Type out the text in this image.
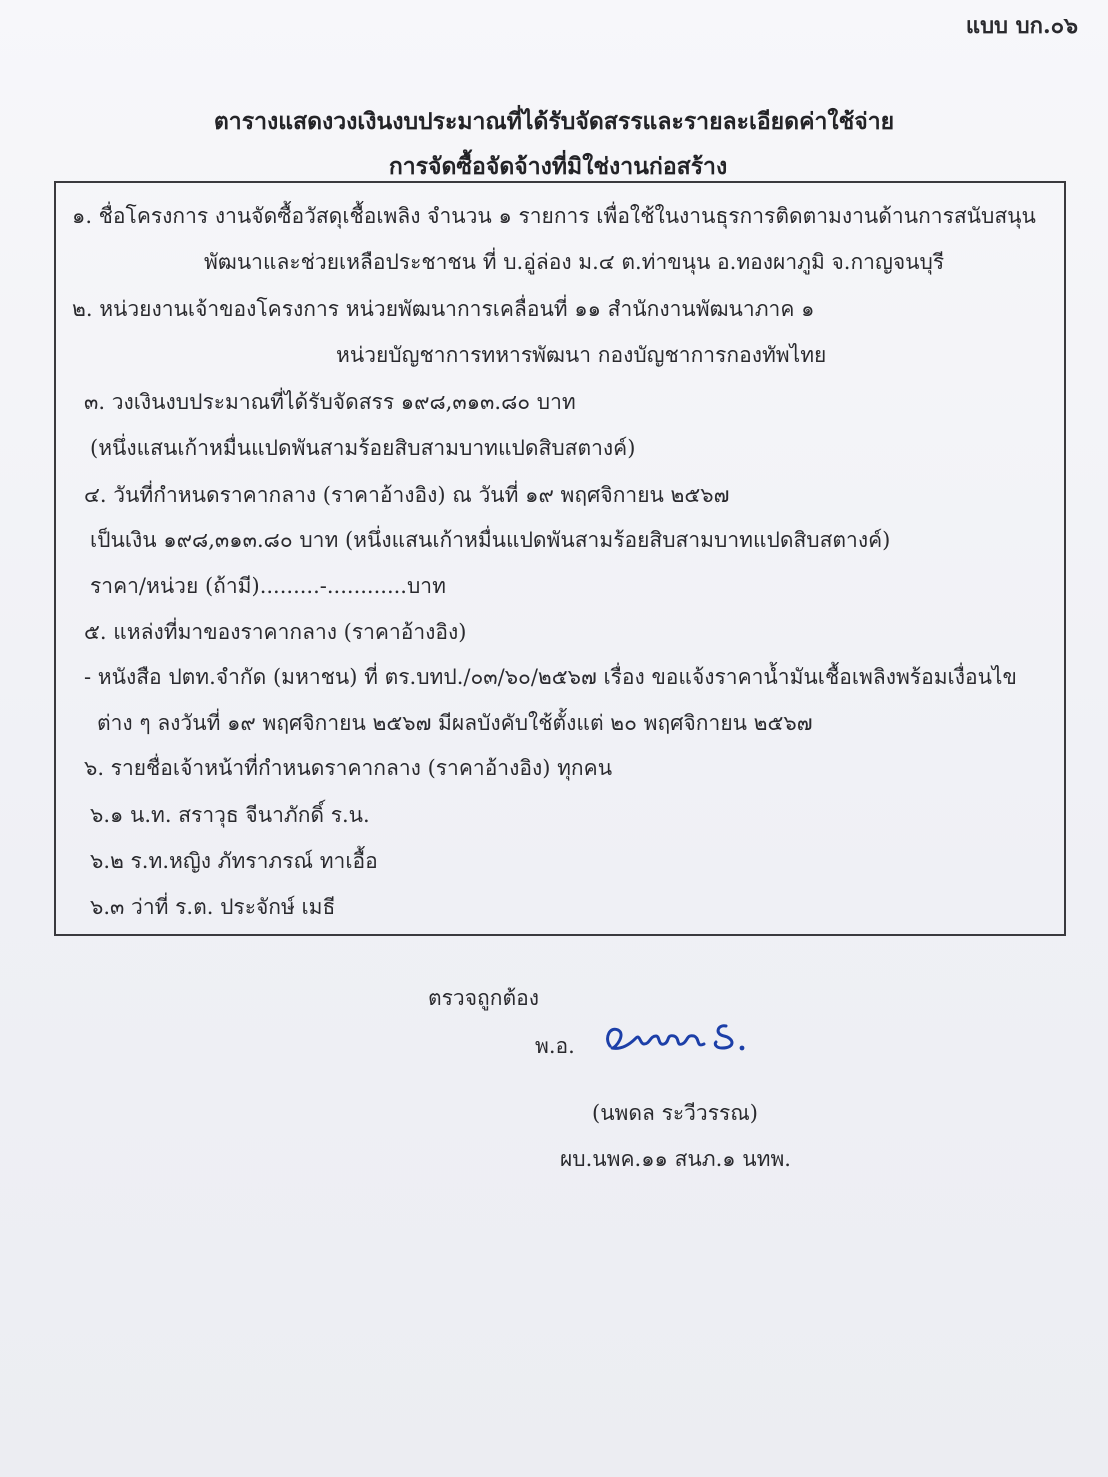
แบบ บก.๐๖
ตารางแสดงวงเงินงบประมาณที่ได้รับจัดสรรและรายละเอียดค่าใช้จ่าย
การจัดซื้อจัดจ้างที่มิใช่งานก่อสร้าง
๑. ชื่อโครงการ งานจัดซื้อวัสดุเชื้อเพลิง จำนวน ๑ รายการ เพื่อใช้ในงานธุรการติดตามงานด้านการสนับสนุน
พัฒนาและช่วยเหลือประชาชน ที่ บ.อู่ล่อง ม.๔ ต.ท่าขนุน อ.ทองผาภูมิ จ.กาญจนบุรี
๒. หน่วยงานเจ้าของโครงการ หน่วยพัฒนาการเคลื่อนที่ ๑๑ สำนักงานพัฒนาภาค ๑
หน่วยบัญชาการทหารพัฒนา กองบัญชาการกองทัพไทย
๓. วงเงินงบประมาณที่ได้รับจัดสรร ๑๙๘,๓๑๓.๘๐ บาท
(หนึ่งแสนเก้าหมื่นแปดพันสามร้อยสิบสามบาทแปดสิบสตางค์)
๔. วันที่กำหนดราคากลาง (ราคาอ้างอิง) ณ วันที่ ๑๙ พฤศจิกายน ๒๕๖๗
เป็นเงิน ๑๙๘,๓๑๓.๘๐ บาท (หนึ่งแสนเก้าหมื่นแปดพันสามร้อยสิบสามบาทแปดสิบสตางค์)
ราคา/หน่วย (ถ้ามี).........-............บาท
๕. แหล่งที่มาของราคากลาง (ราคาอ้างอิง)
- หนังสือ ปตท.จำกัด (มหาชน) ที่ ตร.บทป./๐๓/๖๐/๒๕๖๗ เรื่อง ขอแจ้งราคาน้ำมันเชื้อเพลิงพร้อมเงื่อนไข
ต่าง ๆ ลงวันที่ ๑๙ พฤศจิกายน ๒๕๖๗ มีผลบังคับใช้ตั้งแต่ ๒๐ พฤศจิกายน ๒๕๖๗
๖. รายชื่อเจ้าหน้าที่กำหนดราคากลาง (ราคาอ้างอิง) ทุกคน
๖.๑ น.ท. สราวุธ จีนาภักดิ์ ร.น.
๖.๒ ร.ท.หญิง ภัทราภรณ์ ทาเอื้อ
๖.๓ ว่าที่ ร.ต. ประจักษ์ เมธี
ตรวจถูกต้อง
พ.อ.
(นพดล ระวีวรรณ)
ผบ.นพค.๑๑ สนภ.๑ นทพ.
